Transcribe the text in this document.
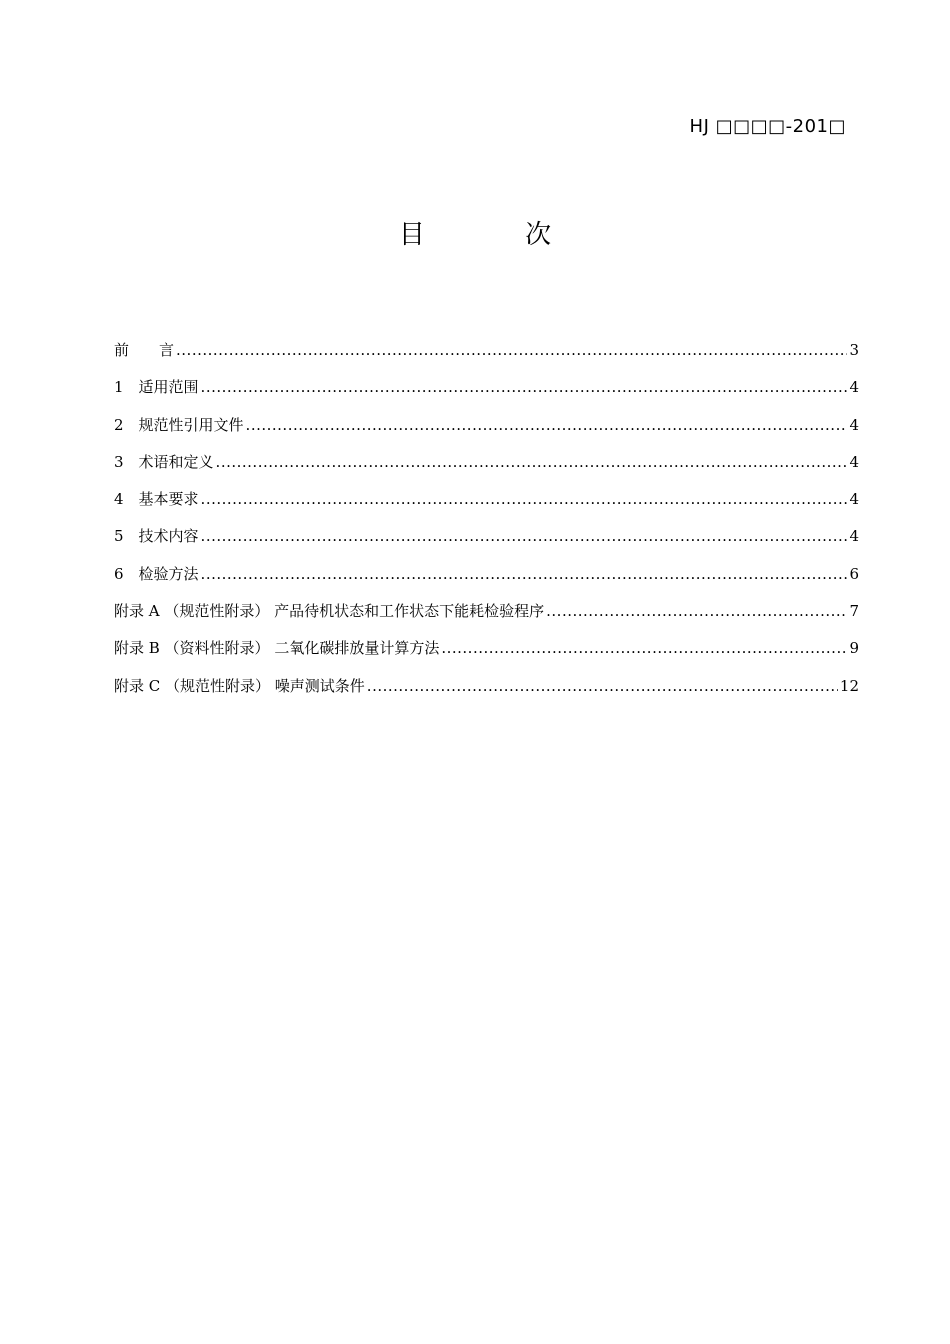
HJ □□□□-201□
目 次
前　　言 .....	3
1　适用范围 .....	4
2　规范性引用文件 .....	4
3　术语和定义 .....	4
4　基本要求 .....	4
5　技术内容 .....	4
6　检验方法 .....	6
附录 A （规范性附录） 产品待机状态和工作状态下能耗检验程序 .....	7
附录 B （资料性附录） 二氧化碳排放量计算方法 .....	9
附录 C （规范性附录） 噪声测试条件 .....	12
